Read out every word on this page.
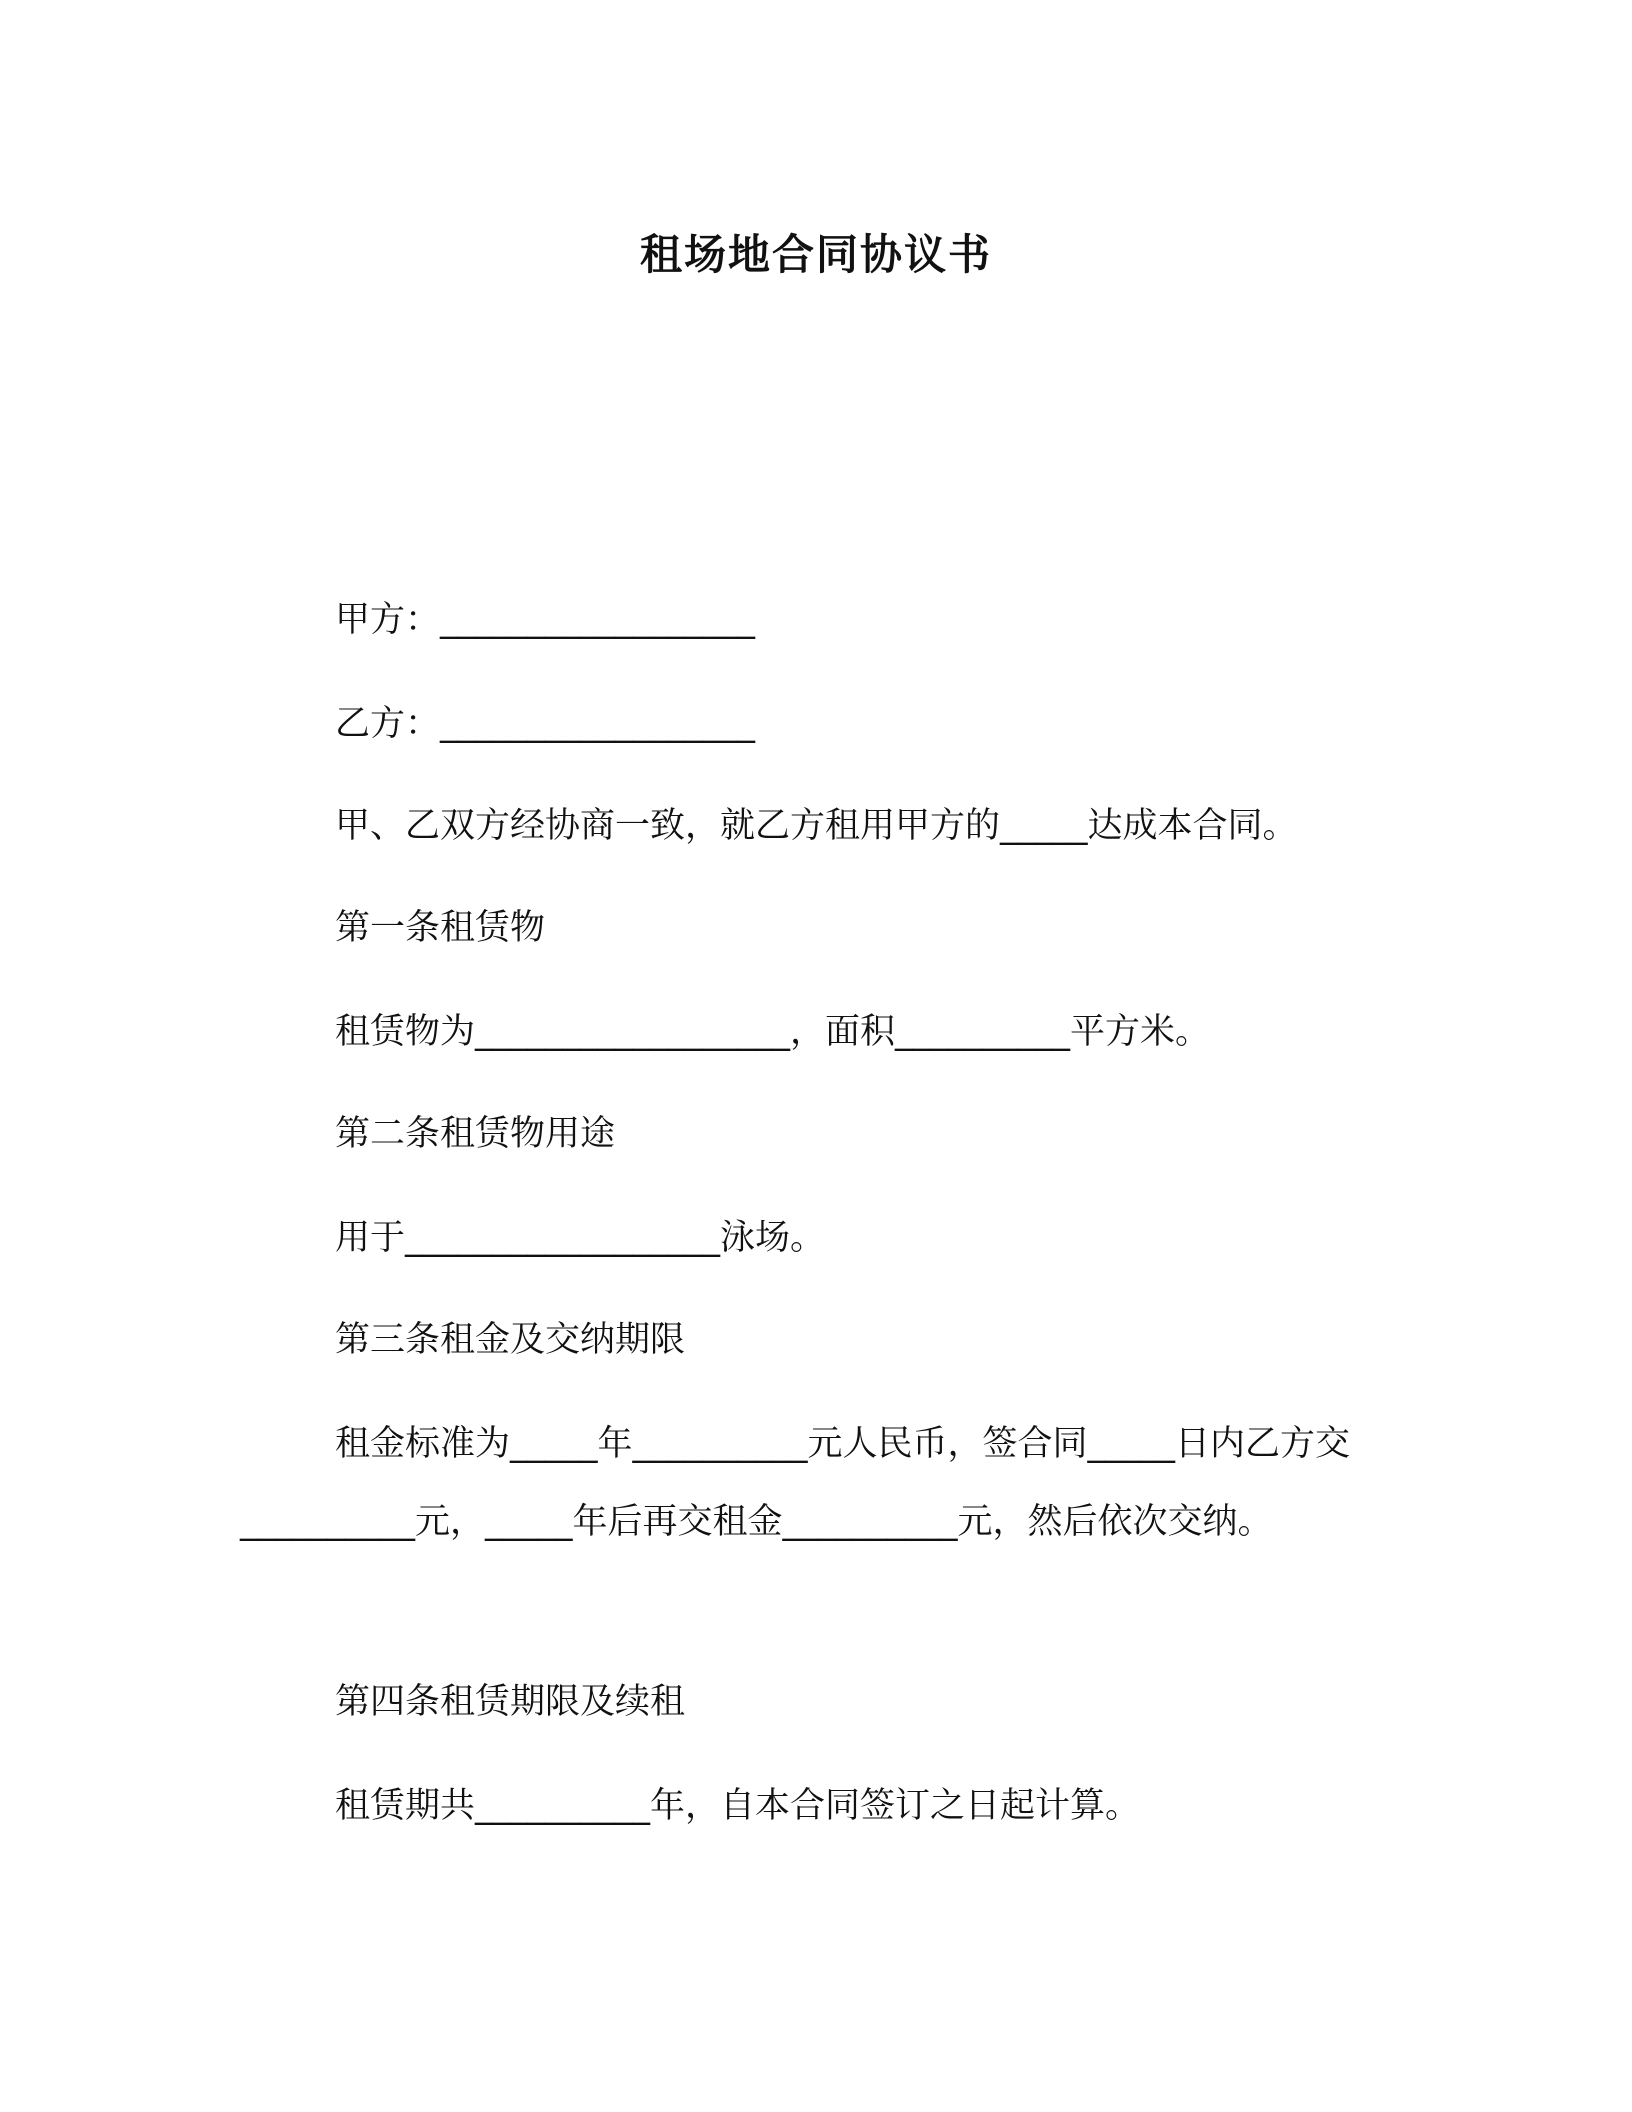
租场地合同协议书
甲方：__________________
乙方：__________________
甲、乙双方经协商一致，就乙方租用甲方的_____达成本合同。
第一条租赁物
租赁物为__________________，面积__________平方米。
第二条租赁物用途
用于__________________泳场。
第三条租金及交纳期限
租金标准为_____年__________元人民币，签合同_____日内乙方交__________元，_____年后再交租金__________元，然后依次交纳。
第四条租赁期限及续租
租赁期共__________年，自本合同签订之日起计算。
